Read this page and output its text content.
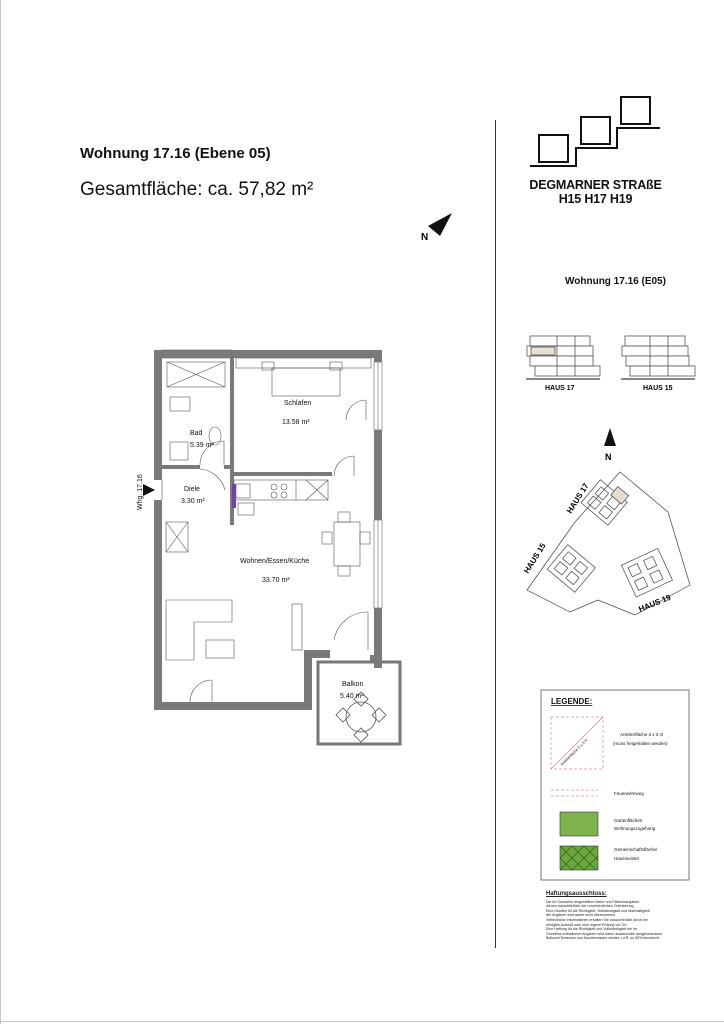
Wohnung 17.16 (Ebene 05)
Gesamtfläche: ca. 57,82 m²
N
HAUS 17	HAUS 15
N
HAUS 17
HAUS 15
HAUS 19
Schlafen
13.58 m²
Bad
5.39 m²
Diele
3.30 m²
Wohnen/Essen/Küche
33.70 m²
Balkon
5.40 m²
Whg. 17.16
LEGENDE:
Anleiterfläche 3 x 3 m
Anleiterfläche 3 x 3 m
(muss freigehalten werden)
Feuerwehrweg
Gartenflächen
Wohnungszugehörig
Gemeinschaftsfläche/
Hausmeister
DEGMARNER STRAßE
H15 H17 H19
Wohnung 17.16 (E05)
Haftungsausschluss:
Die im Grundriss dargestellten Maße und Flächenangaben
dienen ausschließlich der unverbindlichen Orientierung.
Eine Gewähr für die Richtigkeit, Vollständigkeit und Maßhaltigkeit
der Angaben wird daher nicht übernommen.
Verbindliche Informationen erhalten Sie ausschließlich durch ein
erfolgtes Aufmaß oder eine eigene Prüfung vor Ort.
Eine Haftung für die Richtigkeit und Vollständigkeit der im
Grundriss enthaltenen Angaben wird daher ausdrücklich ausgeschlossen.
Balkone/Terrassen und Dachterrassen werden i.d.R. zu 50% berechnet.
